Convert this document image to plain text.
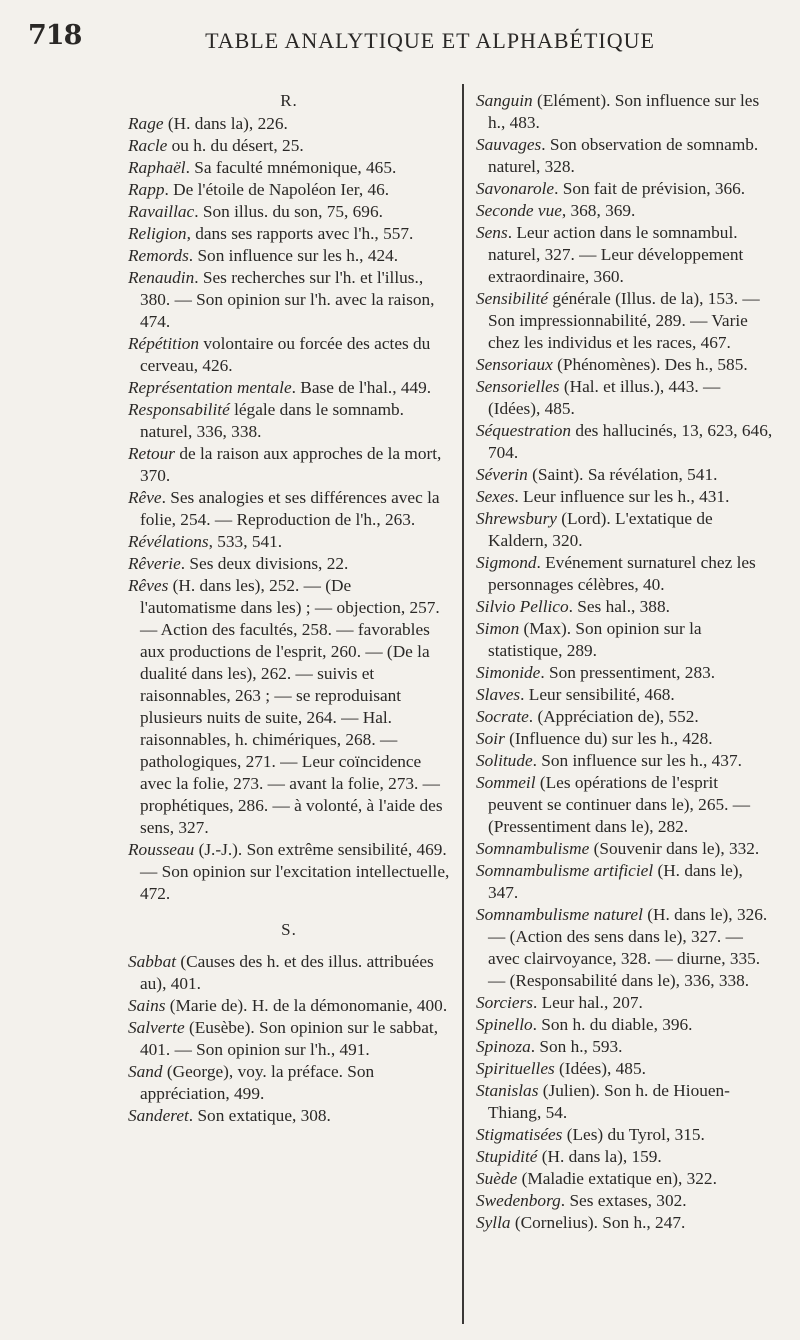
718	TABLE ANALYTIQUE ET ALPHABÉTIQUE
R.

Rage (H. dans la), 226.

Racle ou h. du désert, 25.

Raphaël. Sa faculté mnémonique, 465.

Rapp. De l'étoile de Napoléon Ier, 46.

Ravaillac. Son illus. du son, 75, 696.

Religion, dans ses rapports avec l'h., 557.

Remords. Son influence sur les h., 424.

Renaudin. Ses recherches sur l'h. et l'illus., 380. — Son opinion sur l'h. avec la raison, 474.

Répétition volontaire ou forcée des actes du cerveau, 426.

Représentation mentale. Base de l'hal., 449.

Responsabilité légale dans le somnamb. naturel, 336, 338.

Retour de la raison aux approches de la mort, 370.

Rêve. Ses analogies et ses différences avec la folie, 254. — Reproduction de l'h., 263.

Révélations, 533, 541.

Rêverie. Ses deux divisions, 22.

Rêves (H. dans les), 252. — (De l'automatisme dans les) ; — objection, 257. — Action des facultés, 258. — favorables aux productions de l'esprit, 260. — (De la dualité dans les), 262. — suivis et raisonnables, 263 ; — se reproduisant plusieurs nuits de suite, 264. — Hal. raisonnables, h. chimériques, 268. — pathologiques, 271. — Leur coïncidence avec la folie, 273. — avant la folie, 273. — prophétiques, 286. — à volonté, à l'aide des sens, 327.

Rousseau (J.-J.). Son extrême sensibilité, 469. — Son opinion sur l'excitation intellectuelle, 472.

S.

Sabbat (Causes des h. et des illus. attribuées au), 401.

Sains (Marie de). H. de la démonomanie, 400.

Salverte (Eusèbe). Son opinion sur le sabbat, 401. — Son opinion sur l'h., 491.

Sand (George), voy. la préface. Son appréciation, 499.

Sanderet. Son extatique, 308.

Sanguin (Elément). Son influence sur les h., 483.

Sauvages. Son observation de somnamb. naturel, 328.

Savonarole. Son fait de prévision, 366.

Seconde vue, 368, 369.

Sens. Leur action dans le somnambul. naturel, 327. — Leur développement extraordinaire, 360.

Sensibilité générale (Illus. de la), 153. — Son impressionnabilité, 289. — Varie chez les individus et les races, 467.

Sensoriaux (Phénomènes). Des h., 585.

Sensorielles (Hal. et illus.), 443. — (Idées), 485.

Séquestration des hallucinés, 13, 623, 646, 704.

Séverin (Saint). Sa révélation, 541.

Sexes. Leur influence sur les h., 431.

Shrewsbury (Lord). L'extatique de Kaldern, 320.

Sigmond. Evénement surnaturel chez les personnages célèbres, 40.

Silvio Pellico. Ses hal., 388.

Simon (Max). Son opinion sur la statistique, 289.

Simonide. Son pressentiment, 283.

Slaves. Leur sensibilité, 468.

Socrate. (Appréciation de), 552.

Soir (Influence du) sur les h., 428.

Solitude. Son influence sur les h., 437.

Sommeil (Les opérations de l'esprit peuvent se continuer dans le), 265. — (Pressentiment dans le), 282.

Somnambulisme (Souvenir dans le), 332.

Somnambulisme artificiel (H. dans le), 347.

Somnambulisme naturel (H. dans le), 326. — (Action des sens dans le), 327. — avec clairvoyance, 328. — diurne, 335. — (Responsabilité dans le), 336, 338.

Sorciers. Leur hal., 207.

Spinello. Son h. du diable, 396.

Spinoza. Son h., 593.

Spirituelles (Idées), 485.

Stanislas (Julien). Son h. de Hiouen-Thiang, 54.

Stigmatisées (Les) du Tyrol, 315.

Stupidité (H. dans la), 159.

Suède (Maladie extatique en), 322.

Swedenborg. Ses extases, 302.

Sylla (Cornelius). Son h., 247.
